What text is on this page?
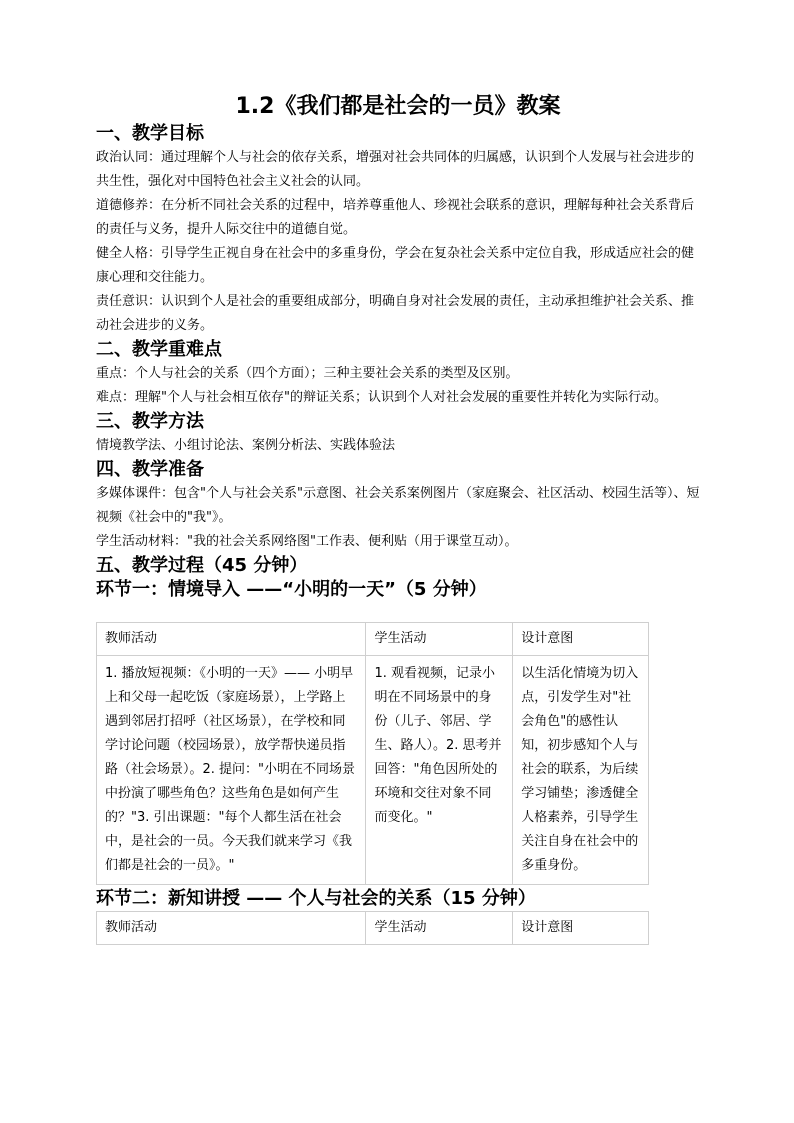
1.2《我们都是社会的一员》教案
一、教学目标

政治认同：通过理解个人与社会的依存关系，增强对社会共同体的归属感，认识到个人发展与社会进步的共生性，强化对中国特色社会主义社会的认同。

道德修养：在分析不同社会关系的过程中，培养尊重他人、珍视社会联系的意识，理解每种社会关系背后的责任与义务，提升人际交往中的道德自觉。

健全人格：引导学生正视自身在社会中的多重身份，学会在复杂社会关系中定位自我，形成适应社会的健康心理和交往能力。

责任意识：认识到个人是社会的重要组成部分，明确自身对社会发展的责任，主动承担维护社会关系、推动社会进步的义务。

二、教学重难点

重点：个人与社会的关系（四个方面）；三种主要社会关系的类型及区别。

难点：理解"个人与社会相互依存"的辩证关系；认识到个人对社会发展的重要性并转化为实际行动。

三、教学方法

情境教学法、小组讨论法、案例分析法、实践体验法

四、教学准备

多媒体课件：包含"个人与社会关系"示意图、社会关系案例图片（家庭聚会、社区活动、校园生活等）、短视频《社会中的"我"》。

学生活动材料："我的社会关系网络图"工作表、便利贴（用于课堂互动）。

五、教学过程（45 分钟）
环节一：情境导入 ——“小明的一天”（5 分钟）
教师活动	学生活动	设计意图
1. 播放短视频：《小明的一天》—— 小明早上和父母一起吃饭（家庭场景），上学路上遇到邻居打招呼（社区场景），在学校和同学讨论问题（校园场景），放学帮快递员指路（社会场景）。2. 提问："小明在不同场景中扮演了哪些角色？这些角色是如何产生的？"3. 引出课题："每个人都生活在社会中，是社会的一员。今天我们就来学习《我们都是社会的一员》。"	1. 观看视频，记录小明在不同场景中的身份（儿子、邻居、学生、路人）。2. 思考并回答："角色因所处的环境和交往对象不同而变化。"	以生活化情境为切入点，引发学生对"社会角色"的感性认知，初步感知个人与社会的联系，为后续学习铺垫；渗透健全人格素养，引导学生关注自身在社会中的多重身份。
环节二：新知讲授 —— 个人与社会的关系（15 分钟）
教师活动	学生活动	设计意图
